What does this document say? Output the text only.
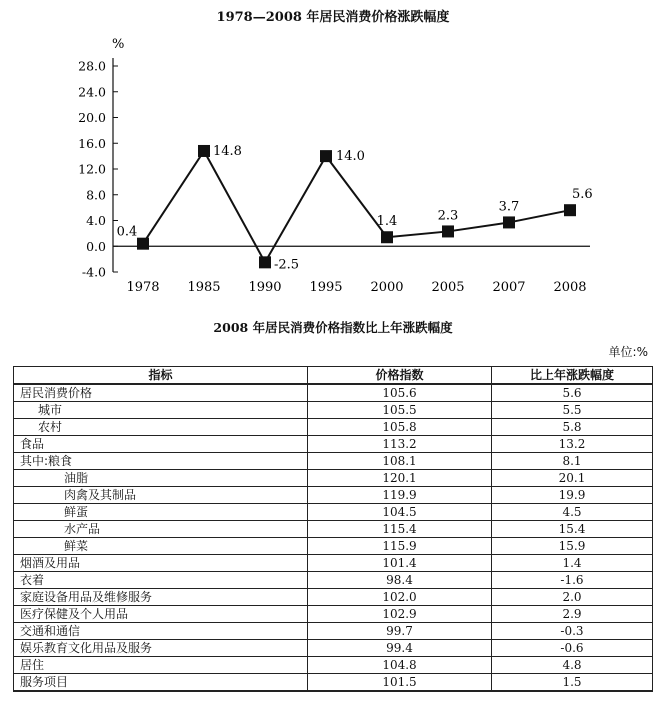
1978—2008 年居民消费价格涨跌幅度
%
28.0
24.0
20.0
16.0
12.0
8.0
4.0
0.0
-4.0
1978 1985 1990 1995 2000 2005 2007 2008
0.4
14.8
-2.5
14.0
1.4	2.3
3.7
5.6
2008 年居民消费价格指数比上年涨跌幅度
单位:%
指标	价格指数	比上年涨跌幅度
居民消费价格	105.6	5.6
城市	105.5	5.5
农村	105.8	5.8
食品	113.2	13.2
其中:粮食	108.1	8.1
油脂	120.1	20.1
肉禽及其制品	119.9	19.9
鲜蛋	104.5	4.5
水产品	115.4	15.4
鲜菜	115.9	15.9
烟酒及用品	101.4	1.4
衣着	98.4	-1.6
家庭设备用品及维修服务	102.0	2.0
医疗保健及个人用品	102.9	2.9
交通和通信	99.7	-0.3
娱乐教育文化用品及服务	99.4	-0.6
居住	104.8	4.8
服务项目	101.5	1.5
